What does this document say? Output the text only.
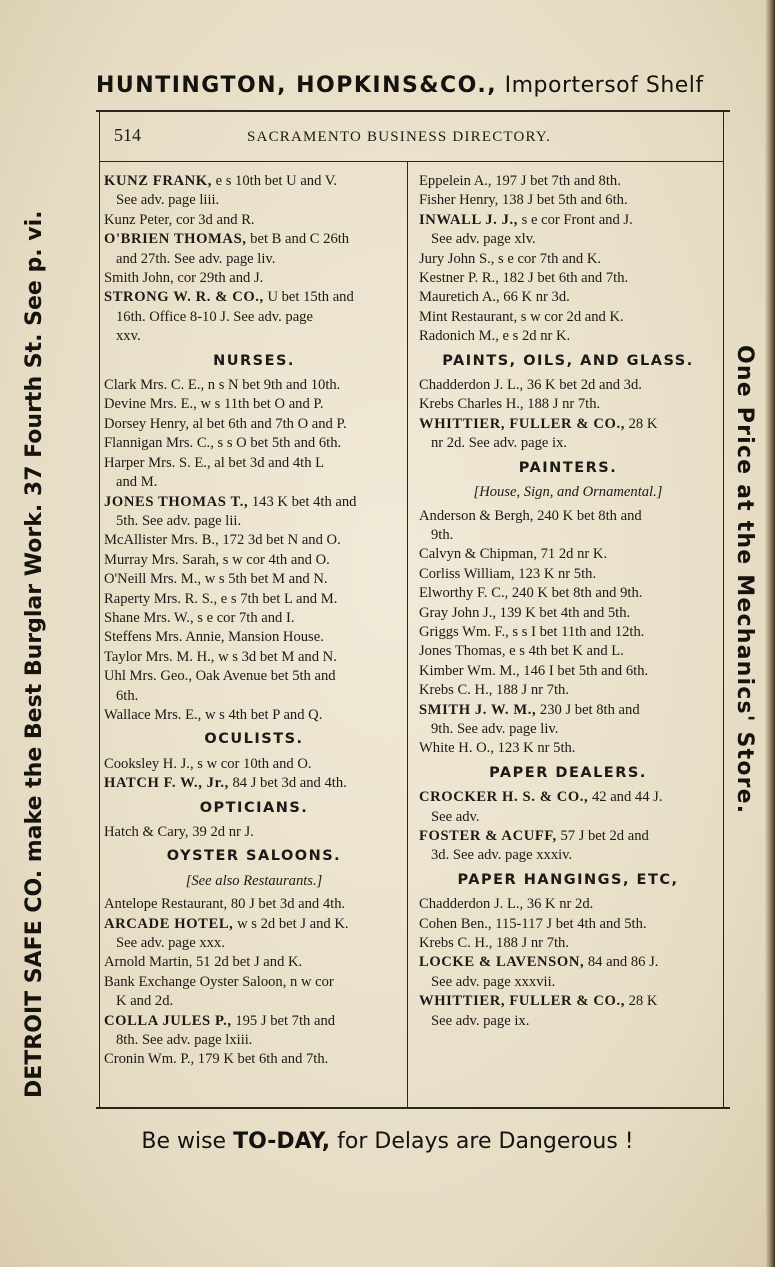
HUNTINGTON, HOPKINS&CO., Importersof Shelf
514	SACRAMENTO BUSINESS DIRECTORY.
KUNZ FRANK, e s 10th bet U and V.
See adv. page liii.
Kunz Peter, cor 3d and R.
O'BRIEN THOMAS, bet B and C 26th
and 27th. See adv. page liv.
Smith John, cor 29th and J.
STRONG W. R. & CO., U bet 15th and
16th. Office 8-10 J. See adv. page
xxv.
NURSES.
Clark Mrs. C. E., n s N bet 9th and 10th.
Devine Mrs. E., w s 11th bet O and P.
Dorsey Henry, al bet 6th and 7th O and P.
Flannigan Mrs. C., s s O bet 5th and 6th.
Harper Mrs. S. E., al bet 3d and 4th L
and M.
JONES THOMAS T., 143 K bet 4th and
5th. See adv. page lii.
McAllister Mrs. B., 172 3d bet N and O.
Murray Mrs. Sarah, s w cor 4th and O.
O'Neill Mrs. M., w s 5th bet M and N.
Raperty Mrs. R. S., e s 7th bet L and M.
Shane Mrs. W., s e cor 7th and I.
Steffens Mrs. Annie, Mansion House.
Taylor Mrs. M. H., w s 3d bet M and N.
Uhl Mrs. Geo., Oak Avenue bet 5th and
6th.
Wallace Mrs. E., w s 4th bet P and Q.
OCULISTS.
Cooksley H. J., s w cor 10th and O.
HATCH F. W., Jr., 84 J bet 3d and 4th.
OPTICIANS.
Hatch & Cary, 39 2d nr J.
OYSTER SALOONS.
[See also Restaurants.]
Antelope Restaurant, 80 J bet 3d and 4th.
ARCADE HOTEL, w s 2d bet J and K.
See adv. page xxx.
Arnold Martin, 51 2d bet J and K.
Bank Exchange Oyster Saloon, n w cor
K and 2d.
COLLA JULES P., 195 J bet 7th and
8th. See adv. page lxiii.
Cronin Wm. P., 179 K bet 6th and 7th.
Eppelein A., 197 J bet 7th and 8th.
Fisher Henry, 138 J bet 5th and 6th.
INWALL J. J., s e cor Front and J.
See adv. page xlv.
Jury John S., s e cor 7th and K.
Kestner P. R., 182 J bet 6th and 7th.
Mauretich A., 66 K nr 3d.
Mint Restaurant, s w cor 2d and K.
Radonich M., e s 2d nr K.
PAINTS, OILS, AND GLASS.
Chadderdon J. L., 36 K bet 2d and 3d.
Krebs Charles H., 188 J nr 7th.
WHITTIER, FULLER & CO., 28 K
nr 2d. See adv. page ix.
PAINTERS.
[House, Sign, and Ornamental.]
Anderson & Bergh, 240 K bet 8th and
9th.
Calvyn & Chipman, 71 2d nr K.
Corliss William, 123 K nr 5th.
Elworthy F. C., 240 K bet 8th and 9th.
Gray John J., 139 K bet 4th and 5th.
Griggs Wm. F., s s I bet 11th and 12th.
Jones Thomas, e s 4th bet K and L.
Kimber Wm. M., 146 I bet 5th and 6th.
Krebs C. H., 188 J nr 7th.
SMITH J. W. M., 230 J bet 8th and
9th. See adv. page liv.
White H. O., 123 K nr 5th.
PAPER DEALERS.
CROCKER H. S. & CO., 42 and 44 J.
See adv.
FOSTER & ACUFF, 57 J bet 2d and
3d. See adv. page xxxiv.
PAPER HANGINGS, ETC,
Chadderdon J. L., 36 K nr 2d.
Cohen Ben., 115-117 J bet 4th and 5th.
Krebs C. H., 188 J nr 7th.
LOCKE & LAVENSON, 84 and 86 J.
See adv. page xxxvii.
WHITTIER, FULLER & CO., 28 K
See adv. page ix.
DETROIT SAFE CO. make the Best Burglar Work. 37 Fourth St. See p. vi.	One Price at the Mechanics' Store.
Be wise TO-DAY, for Delays are Dangerous !
